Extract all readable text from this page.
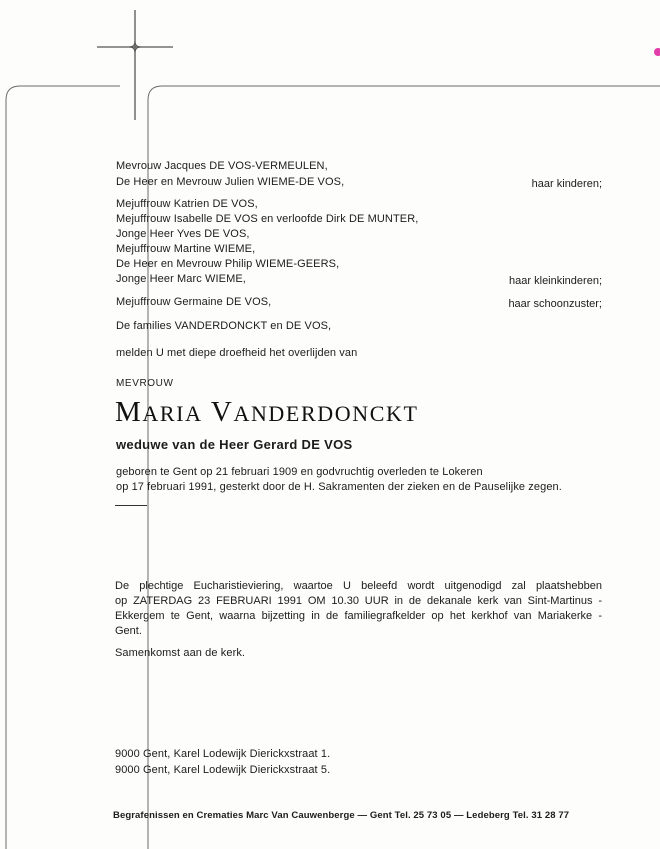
Mevrouw Jacques DE VOS-VERMEULEN,
De Heer en Mevrouw Julien WIEME-DE VOS,	haar kinderen;
Mejuffrouw Katrien DE VOS,
Mejuffrouw Isabelle DE VOS en verloofde Dirk DE MUNTER,
Jonge Heer Yves DE VOS,
Mejuffrouw Martine WIEME,
De Heer en Mevrouw Philip WIEME-GEERS,
Jonge Heer Marc WIEME,	haar kleinkinderen;
Mejuffrouw Germaine DE VOS,	haar schoonzuster;
De families VANDERDONCKT en DE VOS,
melden U met diepe droefheid het overlijden van
MEVROUW
MARIA VANDERDONCKT
weduwe van de Heer Gerard DE VOS
geboren te Gent op 21 februari 1909 en godvruchtig overleden te Lokeren
op 17 februari 1991, gesterkt door de H. Sakramenten der zieken en de Pauselijke zegen.
De plechtige Eucharistieviering, waartoe U beleefd wordt uitgenodigd zal plaatshebben
op ZATERDAG 23 FEBRUARI 1991 OM 10.30 UUR in de dekanale kerk van Sint-Martinus -
Ekkergem te Gent, waarna bijzetting in de familiegrafkelder op het kerkhof van Mariakerke -
Gent.
Samenkomst aan de kerk.
9000 Gent, Karel Lodewijk Dierickxstraat 1.
9000 Gent, Karel Lodewijk Dierickxstraat 5.
Begrafenissen en Crematies Marc Van Cauwenberge — Gent Tel. 25 73 05 — Ledeberg Tel. 31 28 77
